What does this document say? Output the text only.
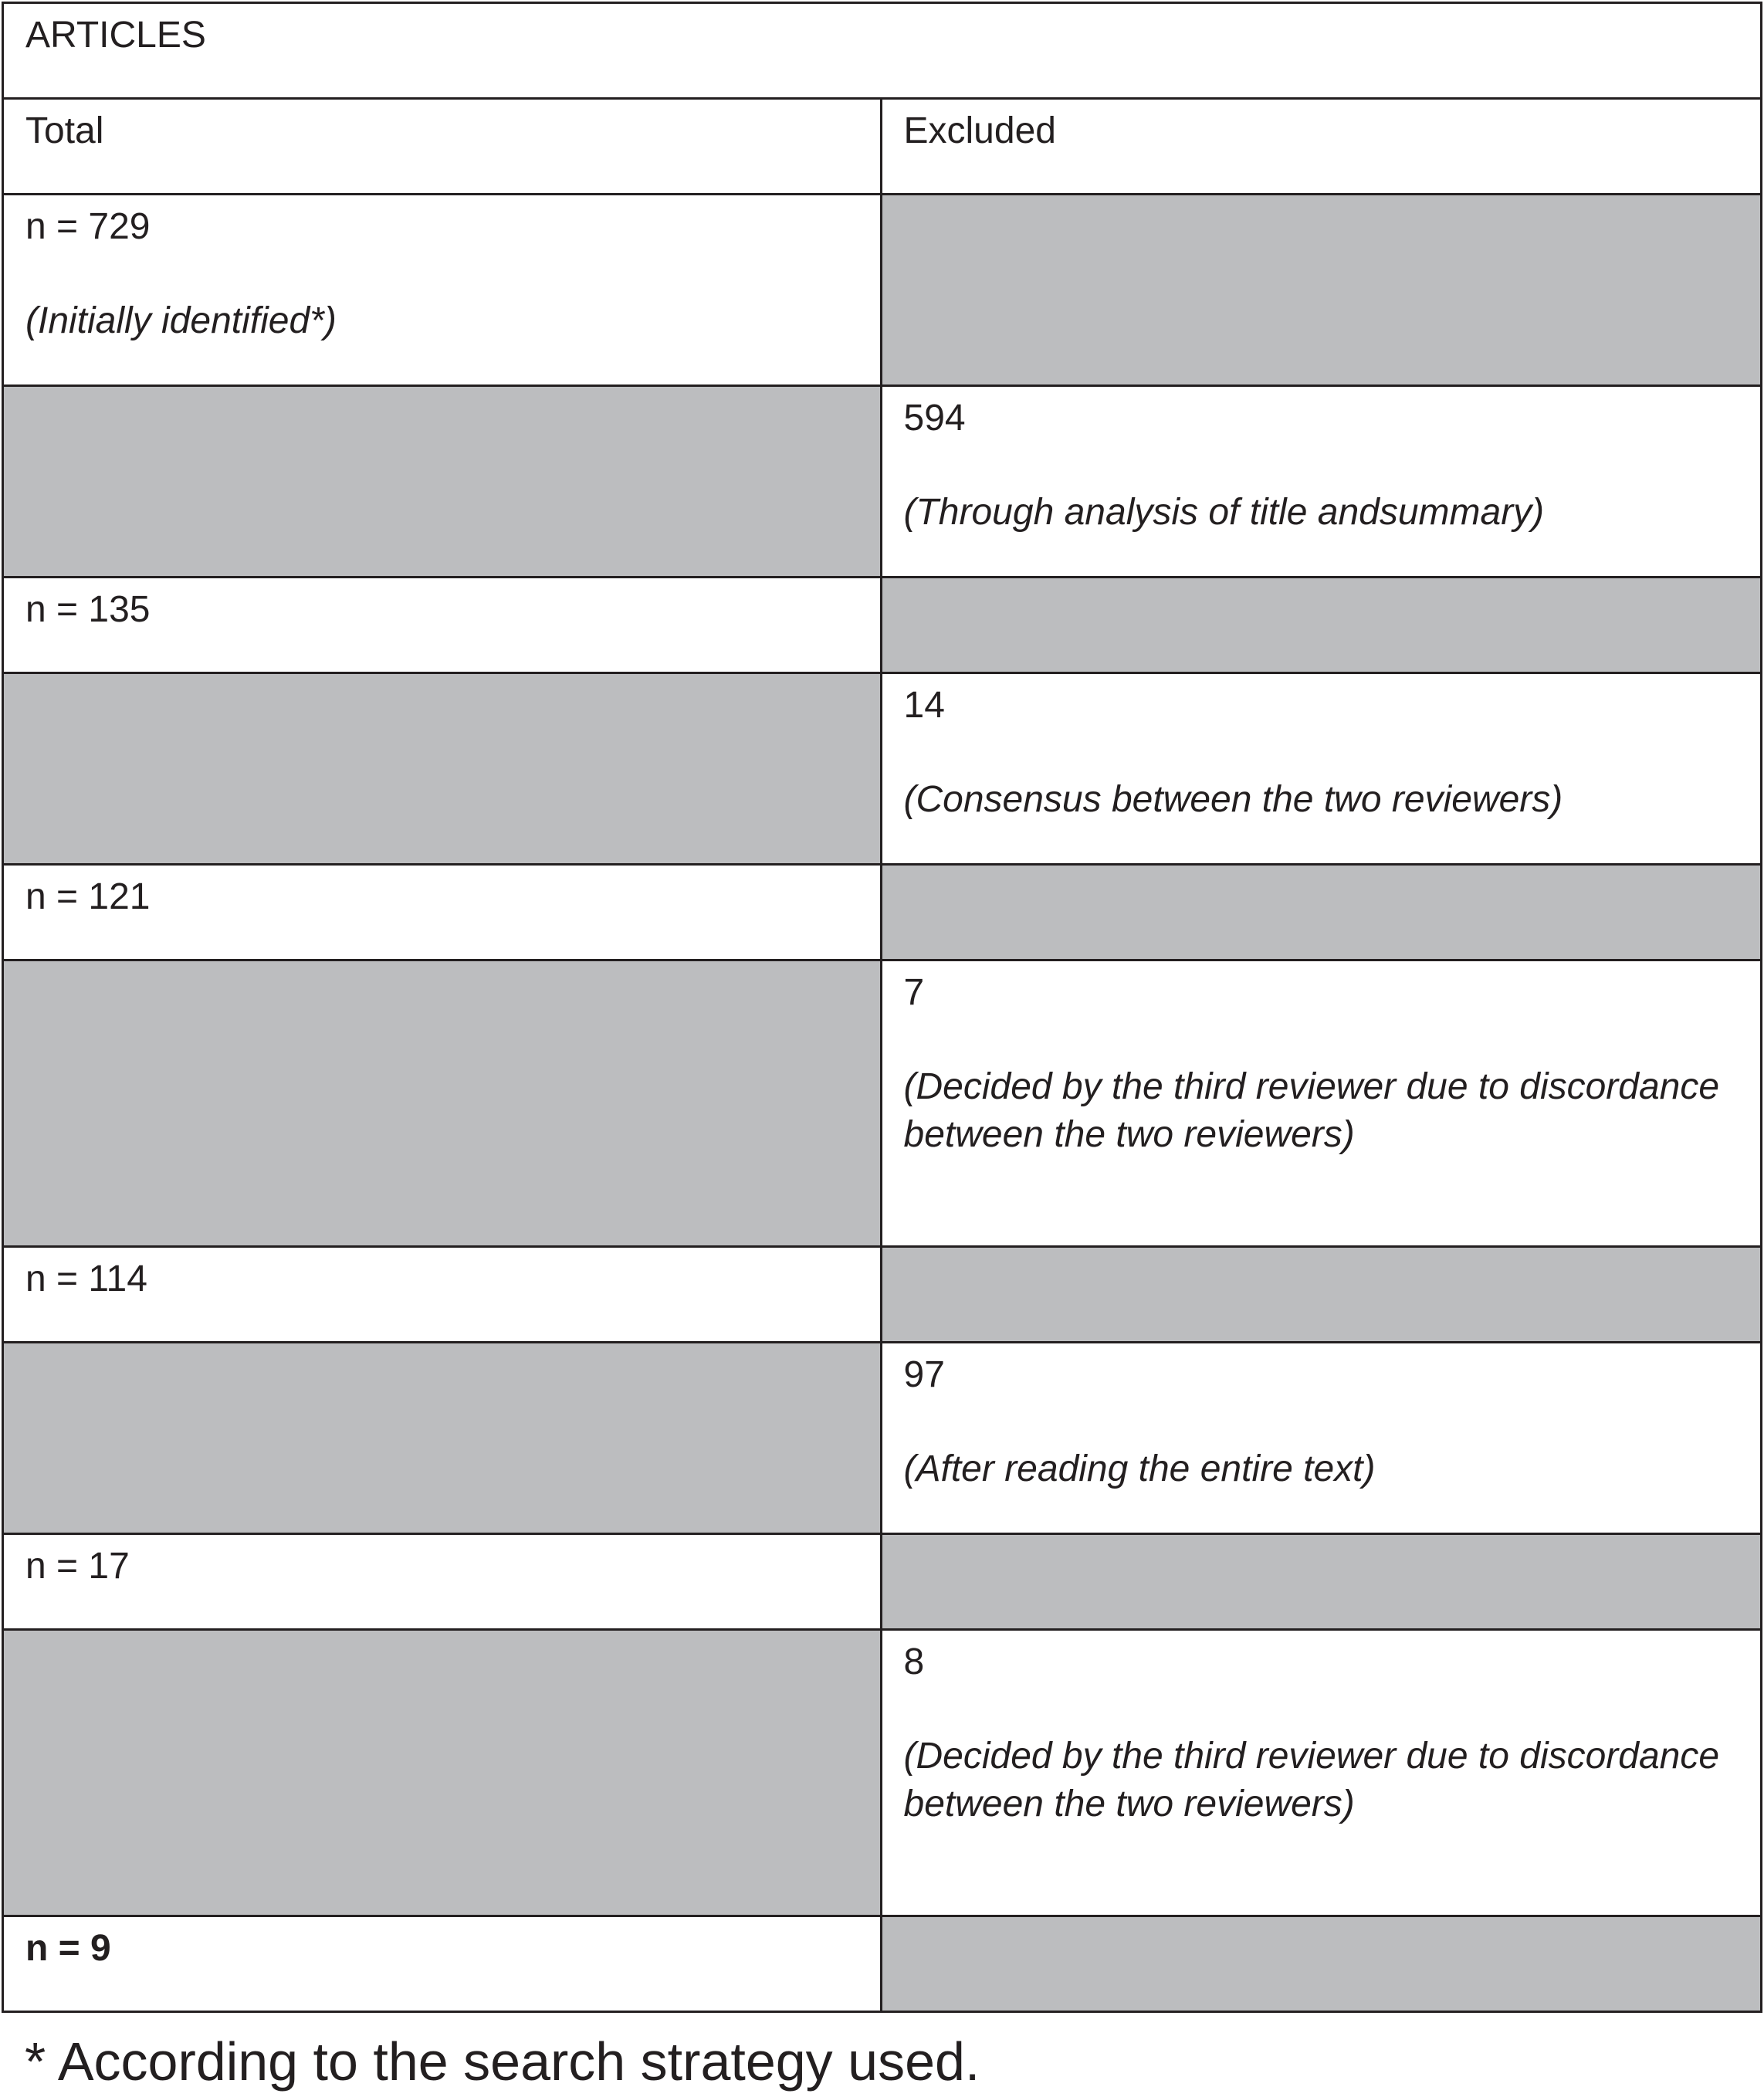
ARTICLES
Total	Excluded
n = 729
(Initially identified*)
594
(Through analysis of title andsummary)
n = 135
14
(Consensus between the two reviewers)
n = 121
7
(Decided by the third reviewer due to discordance between the two reviewers)
n = 114
97
(After reading the entire text)
n = 17
8
(Decided by the third reviewer due to discordance between the two reviewers)
n = 9
* According to the search strategy used.
